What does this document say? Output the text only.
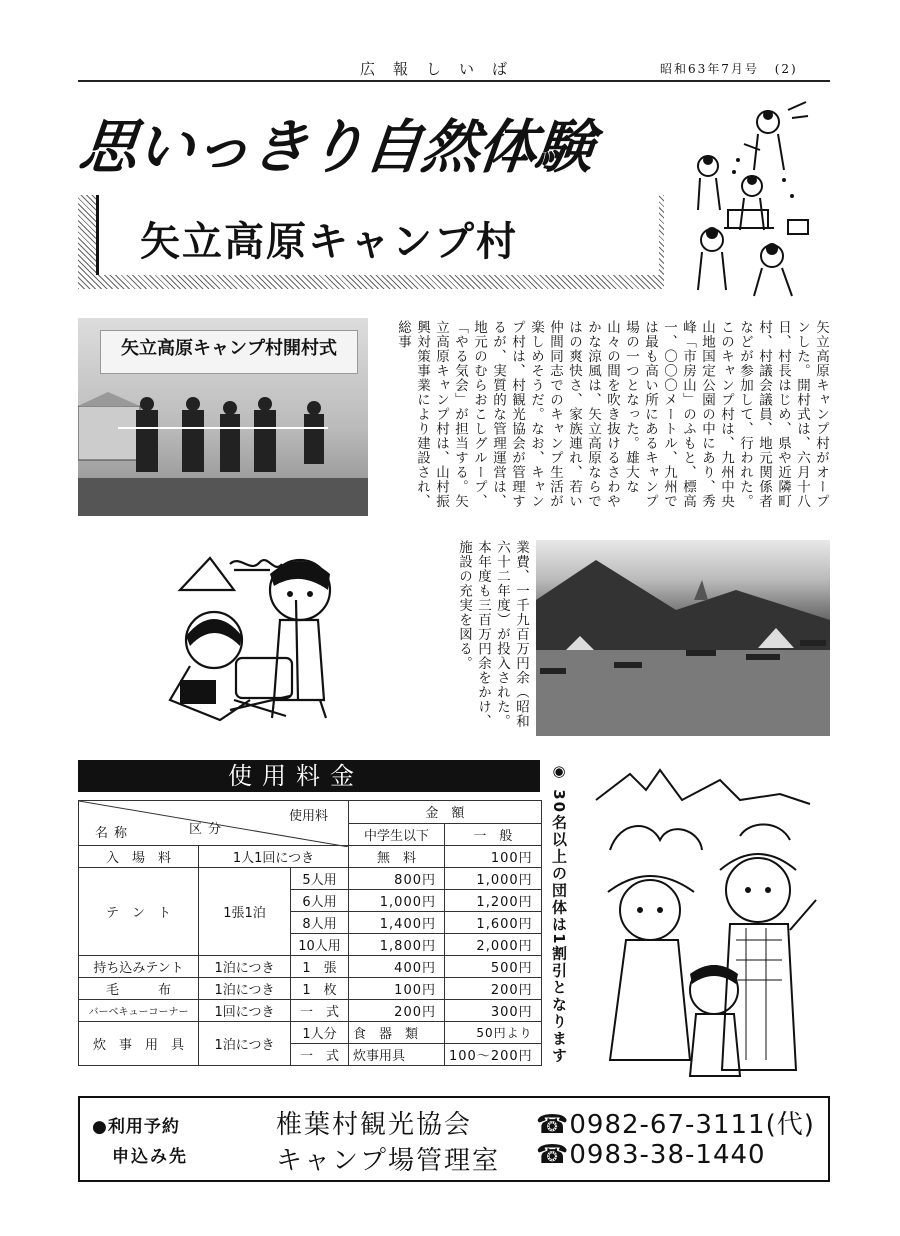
広報しいば	昭和63年7月号 (2)
思いっきり自然体験
矢立高原キャンプ村
矢立高原キャンプ村開村式	矢立高原キャンプ村がオープンした。開村式は、六月十八日、村長はじめ、県や近隣町村、村議会議員、地元関係者などが参加して、行われた。このキャンプ村は、九州中央山地国定公園の中にあり、秀峰「市房山」のふもと、標高一、〇〇〇メートル、九州では最も高い所にあるキャンプ場の一つとなった。雄大な山々の間を吹き抜けるさわやかな涼風は、矢立高原ならではの爽快さ、家族連れ、若い仲間同志でのキャンプ生活が楽しめそうだ。なお、キャンプ村は、村観光協会が管理するが、実質的な管理運営は、地元のむらおこしグループ、「やる気会」が担当する。矢立高原キャンプ村は、山村振興対策事業により建設され、総事
業費、一千九百万円余（昭和六十二年度）が投入された。本年度も三百万円余をかけ、施設の充実を図る。
使用料金
使用料
名称 区分			金　額	
			中学生以下	一　般
入　場　料	1人1回につき		無　料	100円
テ　ン　ト	1張1泊	5人用	800円	1,000円
		6人用	1,000円	1,200円
		8人用	1,400円	1,600円
		10人用	1,800円	2,000円
持ち込みテント	1泊につき	1　張	400円	500円
毛　　　布	1泊につき	1　枚	100円	200円
バーベキューコーナー	1回につき	一　式	200円	300円
炊　事　用　具	1泊につき	1人分	食　器　類	50円より
		一　式	炊事用具	100〜200円 ◉ 30名以上の団体は1割引となります
●利用予約
申込み先
椎葉村観光協会 ☎0982-67-3111(代)
キャンプ場管理室 ☎0983-38-1440
